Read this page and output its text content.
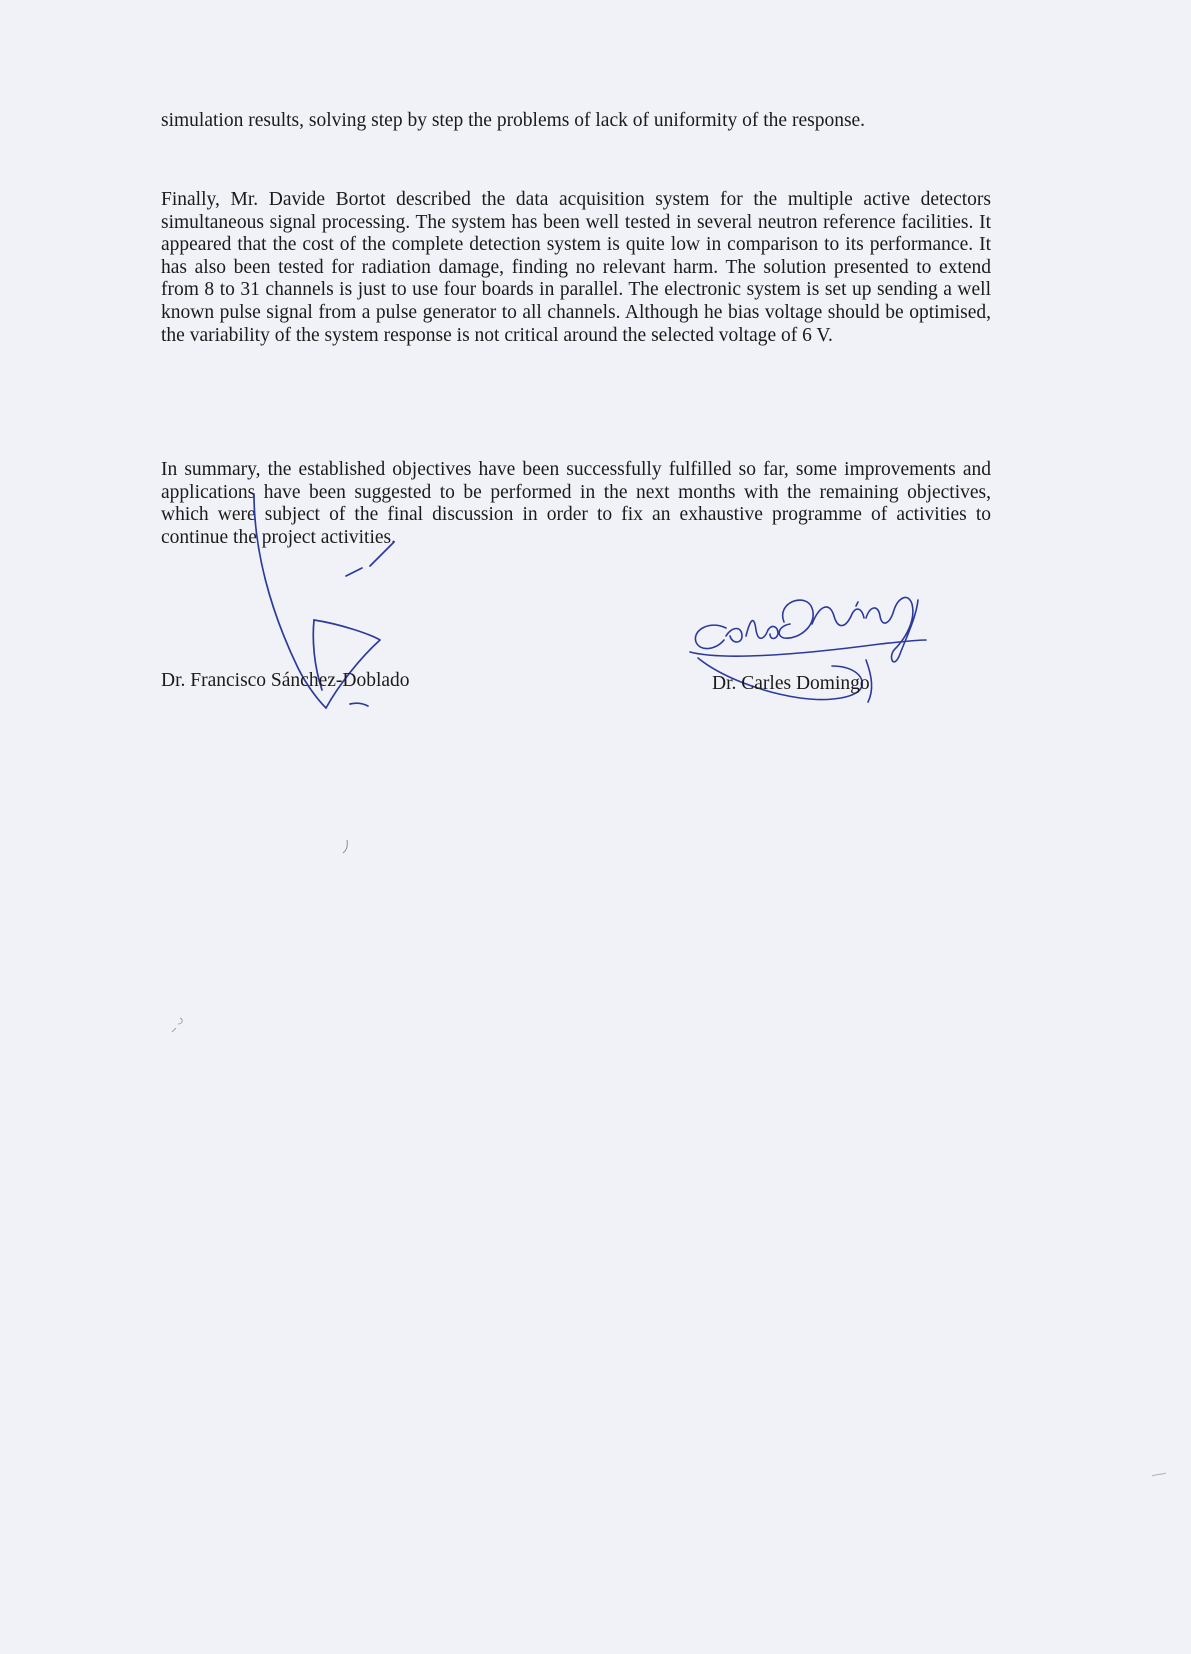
simulation results, solving step by step the problems of lack of uniformity of the response.

Finally, Mr. Davide Bortot described the data acquisition system for the multiple active detectors simultaneous signal processing. The system has been well tested in several neutron reference facilities. It appeared that the cost of the complete detection system is quite low in comparison to its performance. It has also been tested for radiation damage, finding no relevant harm. The solution presented to extend from 8 to 31 channels is just to use four boards in parallel. The electronic system is set up sending a well known pulse signal from a pulse generator to all channels. Although he bias voltage should be optimised, the variability of the system response is not critical around the selected voltage of 6 V.

In summary, the established objectives have been successfully fulfilled so far, some improvements and applications have been suggested to be performed in the next months with the remaining objectives, which were subject of the final discussion in order to fix an exhaustive programme of activities to continue the project activities.

Dr. Francisco Sánchez-Doblado	Dr. Carles Domingo
